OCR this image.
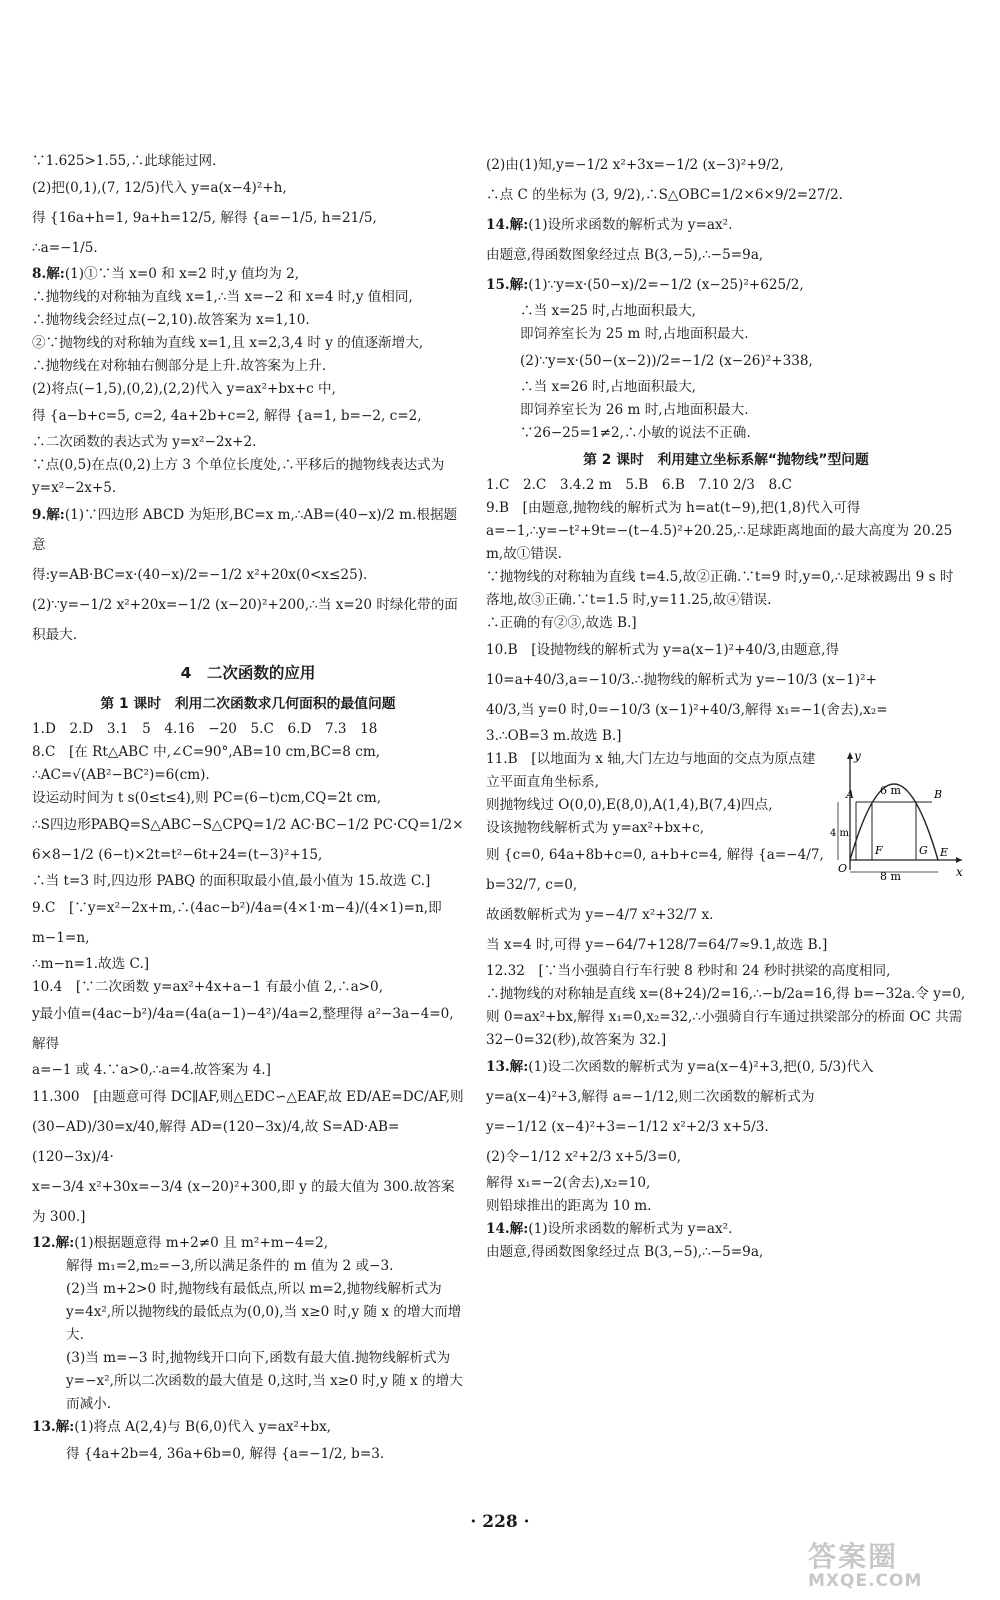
∵1.625>1.55,∴此球能过网.
(2)把(0,1),(7, 12/5)代入 y=a(x−4)²+h,
得 {16a+h=1, 9a+h=12/5, 解得 {a=−1/5, h=21/5,
∴a=−1/5.
8.解:(1)①∵当 x=0 和 x=2 时,y 值均为 2,
∴抛物线的对称轴为直线 x=1,∴当 x=−2 和 x=4 时,y 值相同,
∴抛物线会经过点(−2,10).故答案为 x=1,10.
②∵抛物线的对称轴为直线 x=1,且 x=2,3,4 时 y 的值逐渐增大,
∴抛物线在对称轴右侧部分是上升.故答案为上升.
(2)将点(−1,5),(0,2),(2,2)代入 y=ax²+bx+c 中,
得 {a−b+c=5, c=2, 4a+2b+c=2, 解得 {a=1, b=−2, c=2,
∴二次函数的表达式为 y=x²−2x+2.
∵点(0,5)在点(0,2)上方 3 个单位长度处,∴平移后的抛物线表达式为 y=x²−2x+5.
9.解:(1)∵四边形 ABCD 为矩形,BC=x m,∴AB=(40−x)/2 m.根据题意
得:y=AB·BC=x·(40−x)/2=−1/2 x²+20x(0<x≤25).
(2)∵y=−1/2 x²+20x=−1/2 (x−20)²+200,∴当 x=20 时绿化带的面积最大.
4　二次函数的应用
第 1 课时　利用二次函数求几何面积的最值问题
1.D　2.D　3.1　5　4.16　−20　5.C　6.D　7.3　18
8.C　[在 Rt△ABC 中,∠C=90°,AB=10 cm,BC=8 cm,
∴AC=√(AB²−BC²)=6(cm).
设运动时间为 t s(0≤t≤4),则 PC=(6−t)cm,CQ=2t cm,
∴S四边形PABQ=S△ABC−S△CPQ=1/2 AC·BC−1/2 PC·CQ=1/2×
6×8−1/2 (6−t)×2t=t²−6t+24=(t−3)²+15,
∴当 t=3 时,四边形 PABQ 的面积取最小值,最小值为 15.故选 C.]
9.C　[∵y=x²−2x+m,∴(4ac−b²)/4a=(4×1·m−4)/(4×1)=n,即 m−1=n,
∴m−n=1.故选 C.]
10.4　[∵二次函数 y=ax²+4x+a−1 有最小值 2,∴a>0,
y最小值=(4ac−b²)/4a=(4a(a−1)−4²)/4a=2,整理得 a²−3a−4=0,解得
a=−1 或 4.∵a>0,∴a=4.故答案为 4.]
11.300　[由题意可得 DC∥AF,则△EDC∽△EAF,故 ED/AE=DC/AF,则
(30−AD)/30=x/40,解得 AD=(120−3x)/4,故 S=AD·AB=(120−3x)/4·
x=−3/4 x²+30x=−3/4 (x−20)²+300,即 y 的最大值为 300.故答案为 300.]
12.解:(1)根据题意得 m+2≠0 且 m²+m−4=2,
解得 m₁=2,m₂=−3,所以满足条件的 m 值为 2 或−3.
(2)当 m+2>0 时,抛物线有最低点,所以 m=2,抛物线解析式为 y=4x²,所以抛物线的最低点为(0,0),当 x≥0 时,y 随 x 的增大而增大.
(3)当 m=−3 时,抛物线开口向下,函数有最大值.抛物线解析式为 y=−x²,所以二次函数的最大值是 0,这时,当 x≥0 时,y 随 x 的增大而减小.
13.解:(1)将点 A(2,4)与 B(6,0)代入 y=ax²+bx,
得 {4a+2b=4, 36a+6b=0, 解得 {a=−1/2, b=3.
(2)由(1)知,y=−1/2 x²+3x=−1/2 (x−3)²+9/2,
∴点 C 的坐标为 (3, 9/2),∴S△OBC=1/2×6×9/2=27/2.
14.解:(1)设所求函数的解析式为 y=ax².
由题意,得函数图象经过点 B(3,−5),∴−5=9a,
15.解:(1)∵y=x·(50−x)/2=−1/2 (x−25)²+625/2,
∴当 x=25 时,占地面积最大,
即饲养室长为 25 m 时,占地面积最大.
(2)∵y=x·(50−(x−2))/2=−1/2 (x−26)²+338,
∴当 x=26 时,占地面积最大,
即饲养室长为 26 m 时,占地面积最大.
∵26−25=1≠2,∴小敏的说法不正确.
第 2 课时　利用建立坐标系解“抛物线”型问题
1.C　2.C　3.4.2 m　5.B　6.B　7.10 2/3　8.C
9.B　[由题意,抛物线的解析式为 h=at(t−9),把(1,8)代入可得 a=−1,∴y=−t²+9t=−(t−4.5)²+20.25,∴足球距离地面的最大高度为 20.25 m,故①错误.
∵抛物线的对称轴为直线 t=4.5,故②正确.∵t=9 时,y=0,∴足球被踢出 9 s 时落地,故③正确.∵t=1.5 时,y=11.25,故④错误.
∴正确的有②③,故选 B.]
10.B　[设抛物线的解析式为 y=a(x−1)²+40/3,由题意,得
10=a+40/3,a=−10/3.∴抛物线的解析式为 y=−10/3 (x−1)²+
40/3,当 y=0 时,0=−10/3 (x−1)²+40/3,解得 x₁=−1(舍去),x₂=
3.∴OB=3 m.故选 B.]
y
x
O
A	B
F	G E
6 m
4 m
8 m
11.B　[以地面为 x 轴,大门左边与地面的交点为原点建立平面直角坐标系,
则抛物线过 O(0,0),E(8,0),A(1,4),B(7,4)四点,
设该抛物线解析式为 y=ax²+bx+c,
则 {c=0, 64a+8b+c=0, a+b+c=4, 解得 {a=−4/7, b=32/7, c=0,
故函数解析式为 y=−4/7 x²+32/7 x.
当 x=4 时,可得 y=−64/7+128/7=64/7≈9.1,故选 B.]
12.32　[∵当小强骑自行车行驶 8 秒时和 24 秒时拱梁的高度相同,
∴抛物线的对称轴是直线 x=(8+24)/2=16,∴−b/2a=16,得 b=−32a.令 y=0,则 0=ax²+bx,解得 x₁=0,x₂=32,∴小强骑自行车通过拱梁部分的桥面 OC 共需32−0=32(秒),故答案为 32.]
13.解:(1)设二次函数的解析式为 y=a(x−4)²+3,把(0, 5/3)代入
y=a(x−4)²+3,解得 a=−1/12,则二次函数的解析式为
y=−1/12 (x−4)²+3=−1/12 x²+2/3 x+5/3.
(2)令−1/12 x²+2/3 x+5/3=0,
解得 x₁=−2(舍去),x₂=10,
则铅球推出的距离为 10 m.
14.解:(1)设所求函数的解析式为 y=ax².
由题意,得函数图象经过点 B(3,−5),∴−5=9a,
· 228 ·
答案圈
MXQE.COM
